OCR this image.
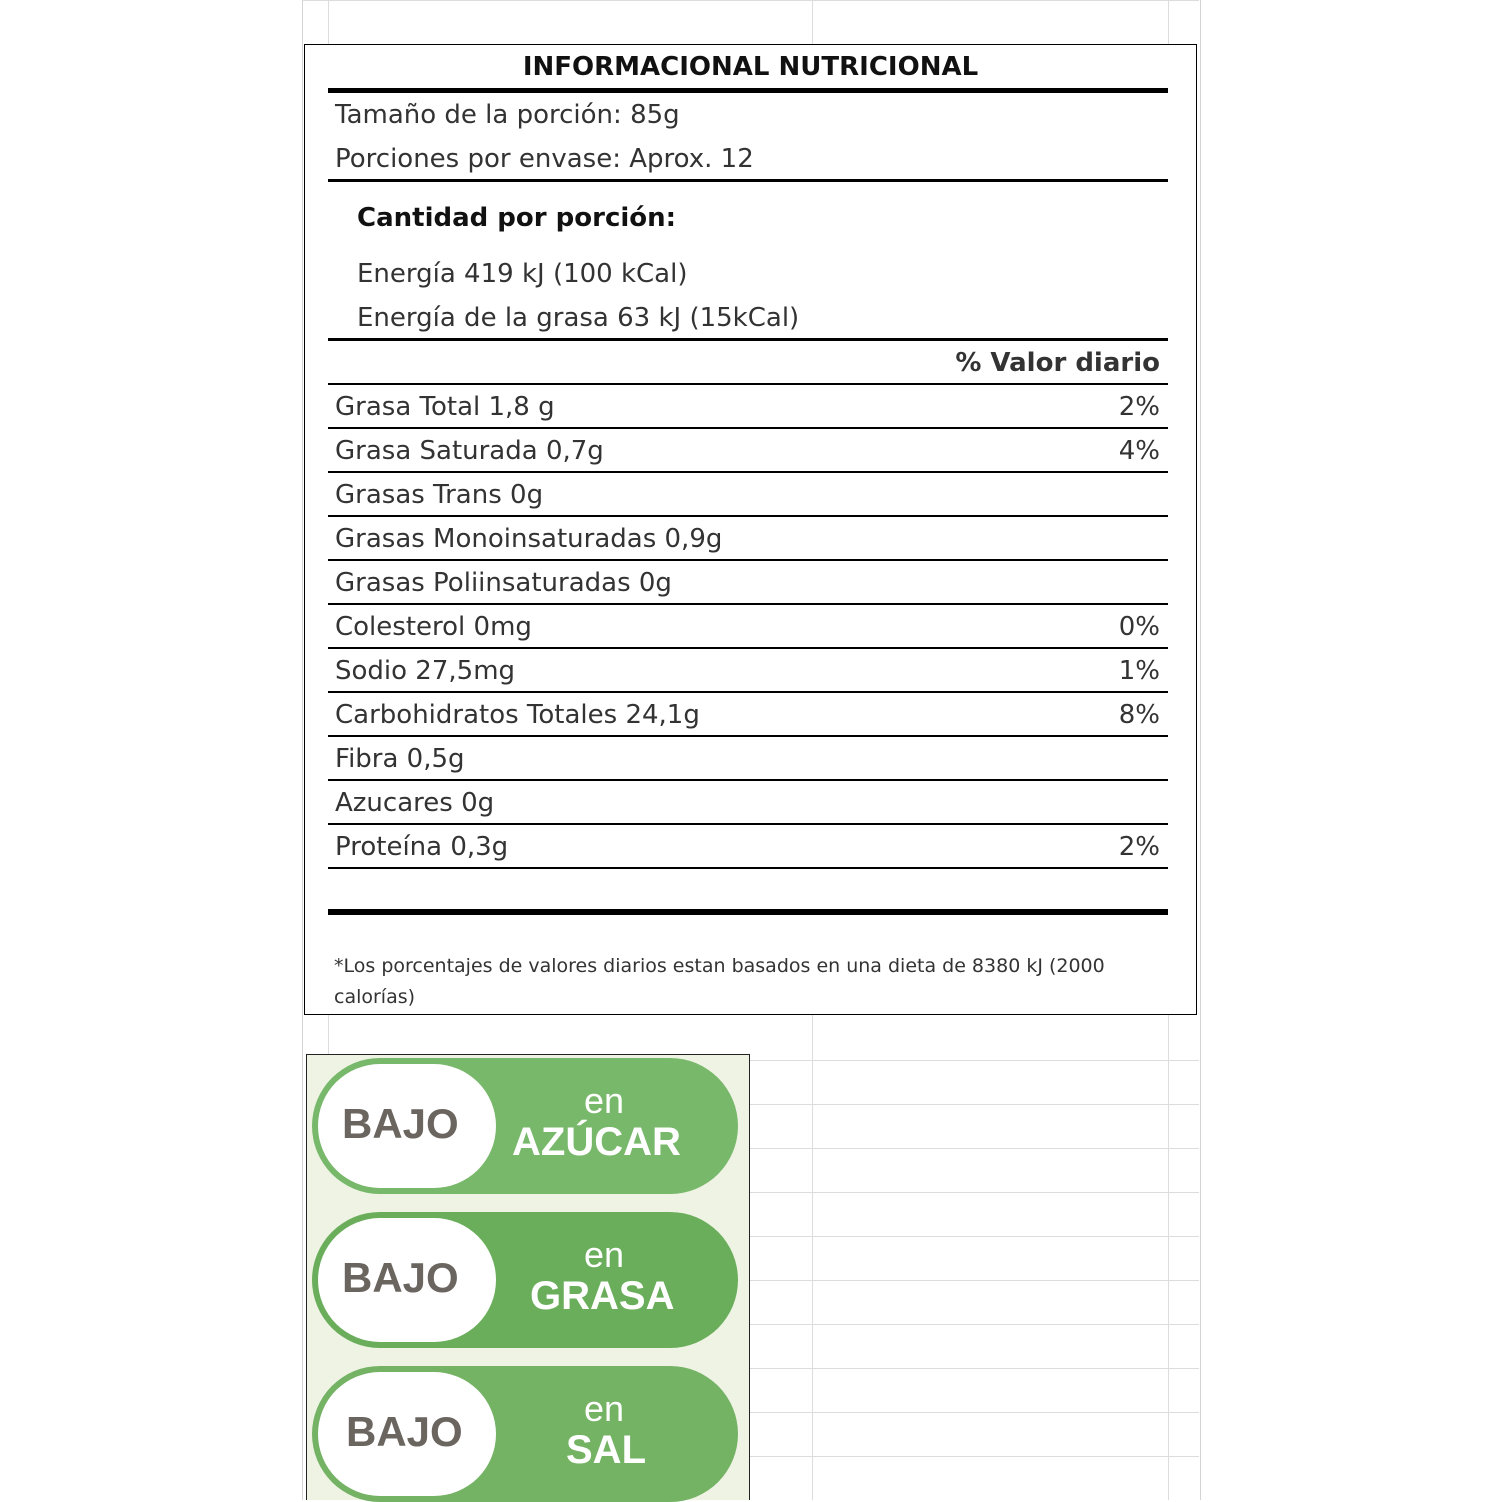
INFORMACIONAL NUTRICIONAL
Tamaño de la porción: 85g
Porciones por envase: Aprox. 12
Cantidad por porción:
Energía 419 kJ (100 kCal)
Energía de la grasa 63 kJ (15kCal)
% Valor diario
Grasa Total 1,8 g	2%
Grasa Saturada 0,7g	4%
Grasas Trans 0g
Grasas Monoinsaturadas 0,9g
Grasas Poliinsaturadas 0g
Colesterol 0mg	0%
Sodio 27,5mg	1%
Carbohidratos Totales 24,1g	8%
Fibra 0,5g
Azucares 0g
Proteína 0,3g	2%
*Los porcentajes de valores diarios estan basados en una dieta de 8380 kJ (2000
calorías)
BAJO	en
AZÚCAR
BAJO	en
GRASA
BAJO	en
SAL
